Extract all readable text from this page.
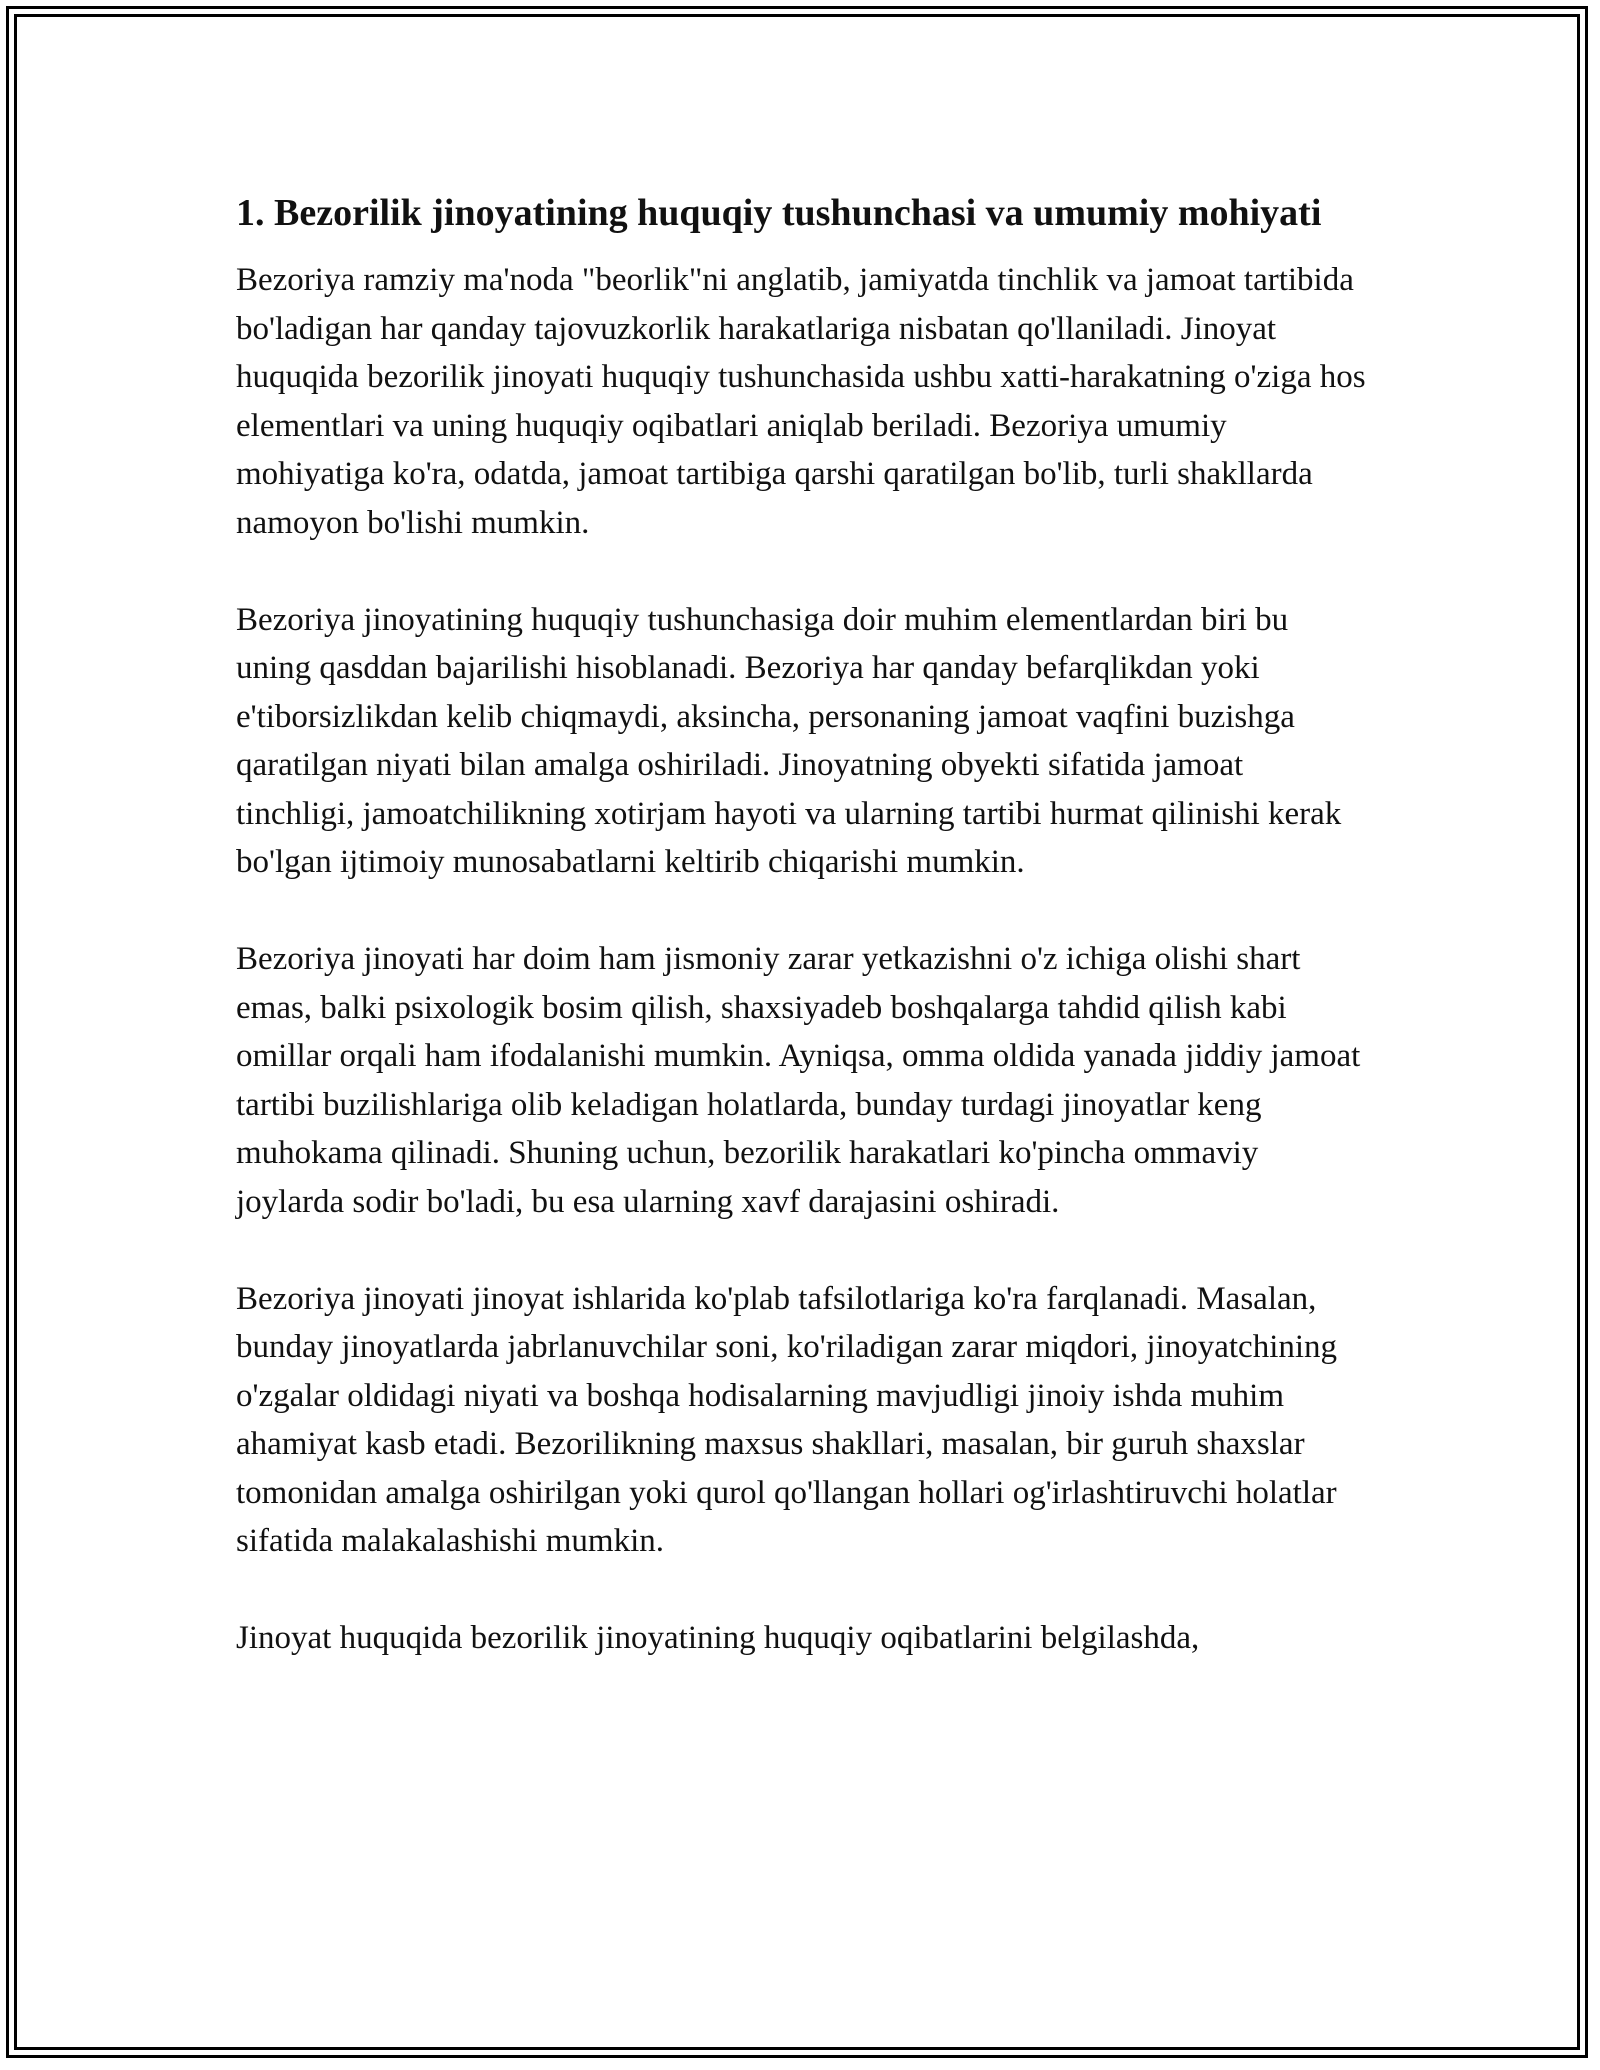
1. Bezorilik jinoyatining huquqiy tushunchasi va umumiy mohiyati

Bezoriya ramziy ma'noda "beorlik"ni anglatib, jamiyatda tinchlik va jamoat tartibida bo'ladigan har qanday tajovuzkorlik harakatlariga nisbatan qo'llaniladi. Jinoyat huquqida bezorilik jinoyati huquqiy tushunchasida ushbu xatti-harakatning o'ziga hos elementlari va uning huquqiy oqibatlari aniqlab beriladi. Bezoriya umumiy mohiyatiga ko'ra, odatda, jamoat tartibiga qarshi qaratilgan bo'lib, turli shakllarda namoyon bo'lishi mumkin.

Bezoriya jinoyatining huquqiy tushunchasiga doir muhim elementlardan biri bu uning qasddan bajarilishi hisoblanadi. Bezoriya har qanday befarqlikdan yoki e'tiborsizlikdan kelib chiqmaydi, aksincha, personaning jamoat vaqfini buzishga qaratilgan niyati bilan amalga oshiriladi. Jinoyatning obyekti sifatida jamoat tinchligi, jamoatchilikning xotirjam hayoti va ularning tartibi hurmat qilinishi kerak bo'lgan ijtimoiy munosabatlarni keltirib chiqarishi mumkin.

Bezoriya jinoyati har doim ham jismoniy zarar yetkazishni o'z ichiga olishi shart emas, balki psixologik bosim qilish, shaxsiyadeb boshqalarga tahdid qilish kabi omillar orqali ham ifodalanishi mumkin. Ayniqsa, omma oldida yanada jiddiy jamoat tartibi buzilishlariga olib keladigan holatlarda, bunday turdagi jinoyatlar keng muhokama qilinadi. Shuning uchun, bezorilik harakatlari ko'pincha ommaviy joylarda sodir bo'ladi, bu esa ularning xavf darajasini oshiradi.

Bezoriya jinoyati jinoyat ishlarida ko'plab tafsilotlariga ko'ra farqlanadi. Masalan, bunday jinoyatlarda jabrlanuvchilar soni, ko'riladigan zarar miqdori, jinoyatchining o'zgalar oldidagi niyati va boshqa hodisalarning mavjudligi jinoiy ishda muhim ahamiyat kasb etadi. Bezorilikning maxsus shakllari, masalan, bir guruh shaxslar tomonidan amalga oshirilgan yoki qurol qo'llangan hollari og'irlashtiruvchi holatlar sifatida malakalashishi mumkin.

Jinoyat huquqida bezorilik jinoyatining huquqiy oqibatlarini belgilashda,
